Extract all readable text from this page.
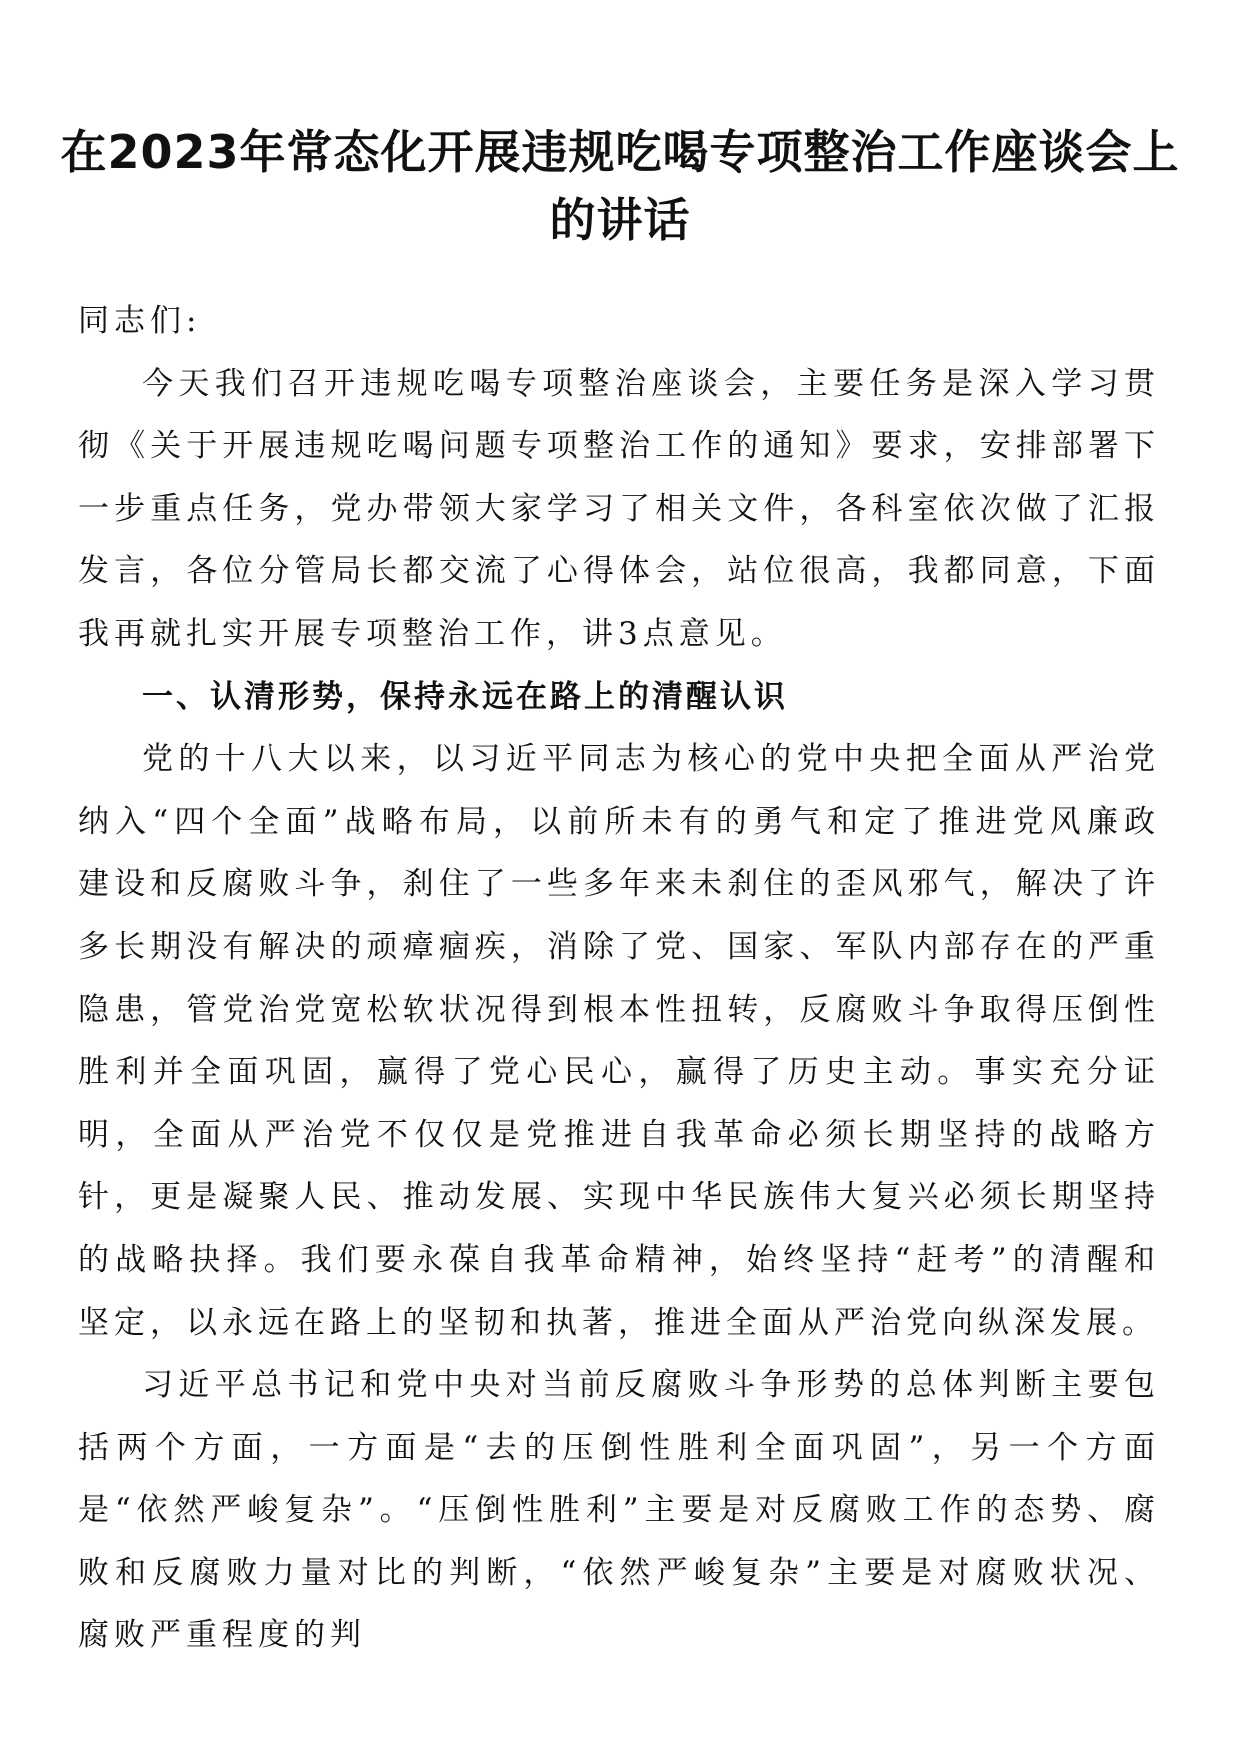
在2023年常态化开展违规吃喝专项整治工作座谈会上的讲话

同志们:

今天我们召开违规吃喝专项整治座谈会，主要任务是深入学习贯彻《关于开展违规吃喝问题专项整治工作的通知》要求，安排部署下一步重点任务，党办带领大家学习了相关文件，各科室依次做了汇报发言，各位分管局长都交流了心得体会，站位很高，我都同意，下面我再就扎实开展专项整治工作，讲3点意见。

一、认清形势，保持永远在路上的清醒认识

党的十八大以来，以习近平同志为核心的党中央把全面从严治党纳入“四个全面”战略布局，以前所未有的勇气和定了推进党风廉政建设和反腐败斗争，刹住了一些多年来未刹住的歪风邪气，解决了许多长期没有解决的顽瘴痼疾，消除了党、国家、军队内部存在的严重隐患，管党治党宽松软状况得到根本性扭转，反腐败斗争取得压倒性胜利并全面巩固，赢得了党心民心，赢得了历史主动。事实充分证明，全面从严治党不仅仅是党推进自我革命必须长期坚持的战略方针，更是凝聚人民、推动发展、实现中华民族伟大复兴必须长期坚持的战略抉择。我们要永葆自我革命精神，始终坚持“赶考”的清醒和坚定，以永远在路上的坚韧和执著，推进全面从严治党向纵深发展。

习近平总书记和党中央对当前反腐败斗争形势的总体判断主要包括两个方面，一方面是“去的压倒性胜利全面巩固”，另一个方面是“依然严峻复杂”。“压倒性胜利”主要是对反腐败工作的态势、腐败和反腐败力量对比的判断，“依然严峻复杂”主要是对腐败状况、腐败严重程度的判
